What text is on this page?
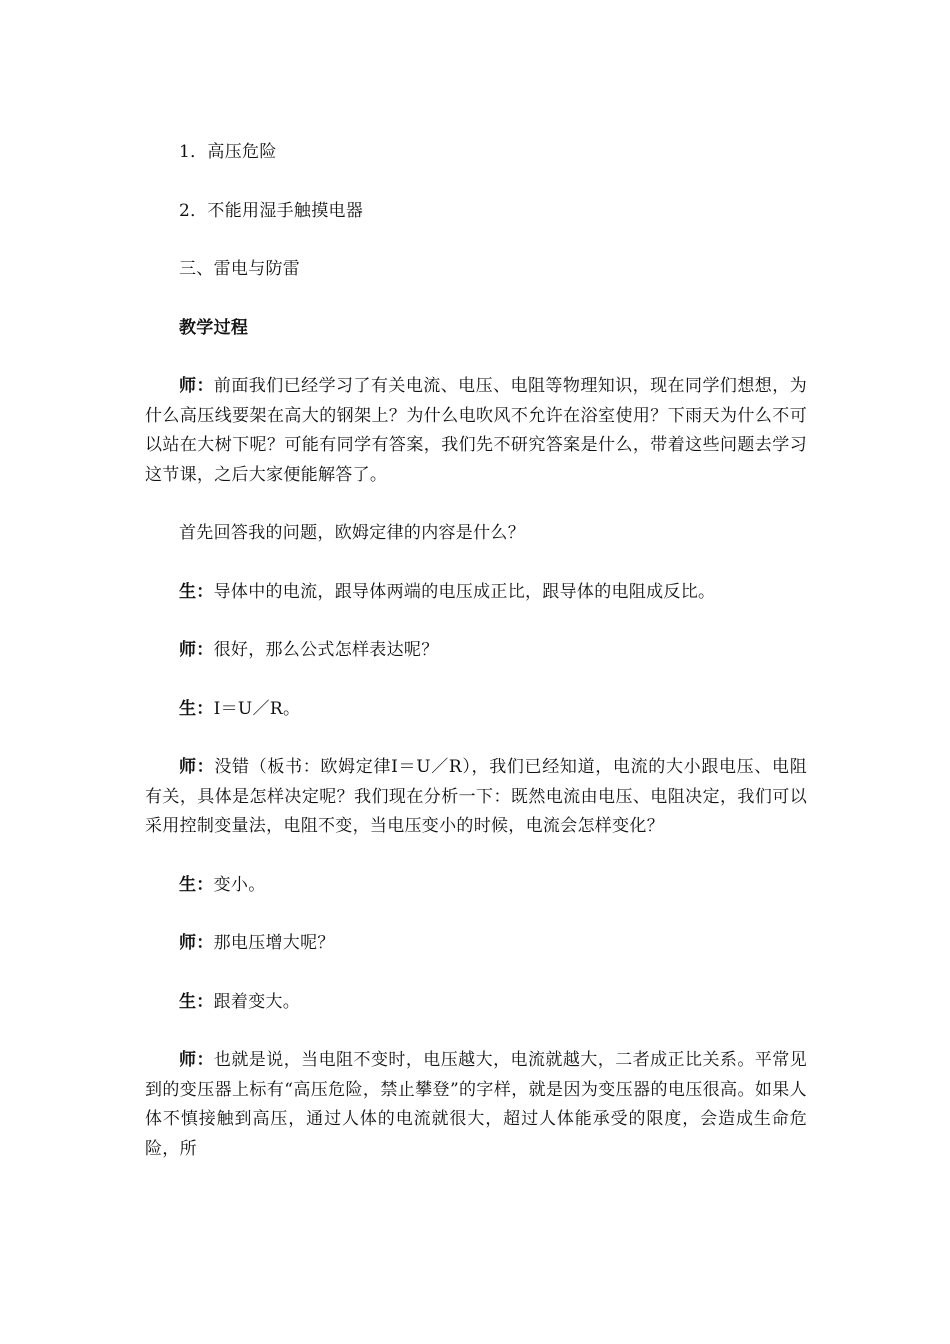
1．高压危险

2．不能用湿手触摸电器

三、雷电与防雷

教学过程

师：前面我们已经学习了有关电流、电压、电阻等物理知识，现在同学们想想，为什么高压线要架在高大的钢架上？为什么电吹风不允许在浴室使用？下雨天为什么不可以站在大树下呢？可能有同学有答案，我们先不研究答案是什么，带着这些问题去学习这节课，之后大家便能解答了。

首先回答我的问题，欧姆定律的内容是什么？

生：导体中的电流，跟导体两端的电压成正比，跟导体的电阻成反比。

师：很好，那么公式怎样表达呢？

生：I＝U／R。

师：没错（板书：欧姆定律I＝U／R），我们已经知道，电流的大小跟电压、电阻有关，具体是怎样决定呢？我们现在分析一下：既然电流由电压、电阻决定，我们可以采用控制变量法，电阻不变，当电压变小的时候，电流会怎样变化？

生：变小。

师：那电压增大呢？

生：跟着变大。

师：也就是说，当电阻不变时，电压越大，电流就越大，二者成正比关系。平常见到的变压器上标有“高压危险，禁止攀登”的字样，就是因为变压器的电压很高。如果人体不慎接触到高压，通过人体的电流就很大，超过人体能承受的限度，会造成生命危险，所
